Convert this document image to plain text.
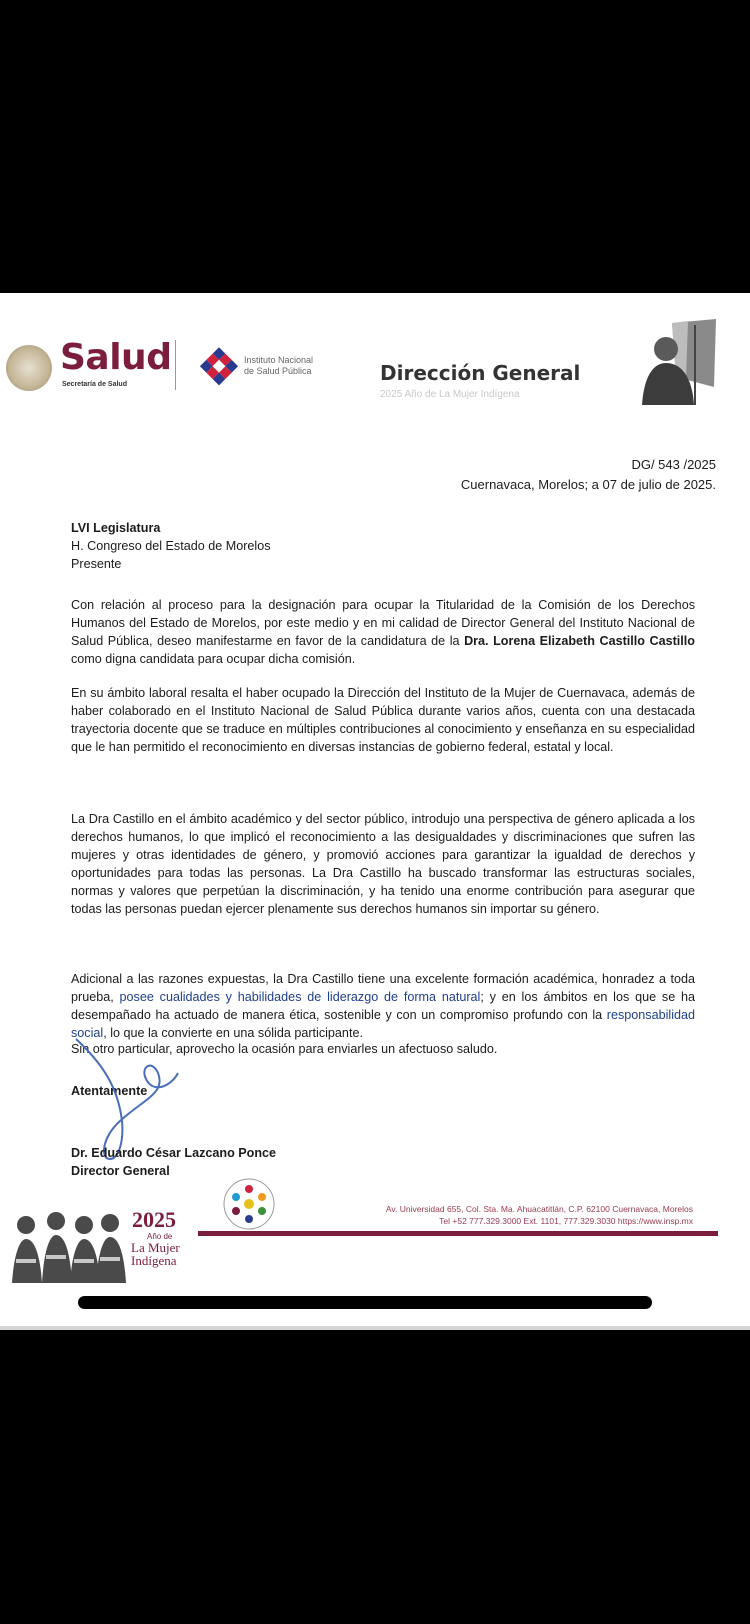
Salud
Secretaría de Salud
Instituto Nacional
de Salud Pública	Dirección General
2025 Año de La Mujer Indígena
DG/ 543 /2025
Cuernavaca, Morelos; a 07 de julio de 2025.
LVI Legislatura
H. Congreso del Estado de Morelos
Presente
Con relación al proceso para la designación para ocupar la Titularidad de la Comisión de los Derechos Humanos del Estado de Morelos, por este medio y en mi calidad de Director General del Instituto Nacional de Salud Pública, deseo manifestarme en favor de la candidatura de la Dra. Lorena Elizabeth Castillo Castillo como digna candidata para ocupar dicha comisión.
En su ámbito laboral resalta el haber ocupado la Dirección del Instituto de la Mujer de Cuernavaca, además de haber colaborado en el Instituto Nacional de Salud Pública durante varios años, cuenta con una destacada trayectoria docente que se traduce en múltiples contribuciones al conocimiento y enseñanza en su especialidad que le han permitido el reconocimiento en diversas instancias de gobierno federal, estatal y local.
La Dra Castillo en el ámbito académico y del sector público, introdujo una perspectiva de género aplicada a los derechos humanos, lo que implicó el reconocimiento a las desigualdades y discriminaciones que sufren las mujeres y otras identidades de género, y promovió acciones para garantizar la igualdad de derechos y oportunidades para todas las personas. La Dra Castillo ha buscado transformar las estructuras sociales, normas y valores que perpetúan la discriminación, y ha tenido una enorme contribución para asegurar que todas las personas puedan ejercer plenamente sus derechos humanos sin importar su género.
Adicional a las razones expuestas, la Dra Castillo tiene una excelente formación académica, honradez a toda prueba, posee cualidades y habilidades de liderazgo de forma natural; y en los ámbitos en los que se ha desempañado ha actuado de manera ética, sostenible y con un compromiso profundo con la responsabilidad social, lo que la convierte en una sólida participante.
Sin otro particular, aprovecho la ocasión para enviarles un afectuoso saludo.
Atentamente
Dr. Eduardo César Lazcano Ponce
Director General
2025
Año de
La Mujer
Indígena
Av. Universidad 655, Col. Sta. Ma. Ahuacatitlán, C.P. 62100 Cuernavaca, Morelos
Tel +52 777.329.3000 Ext. 1101, 777.329.3030 https://www.insp.mx
